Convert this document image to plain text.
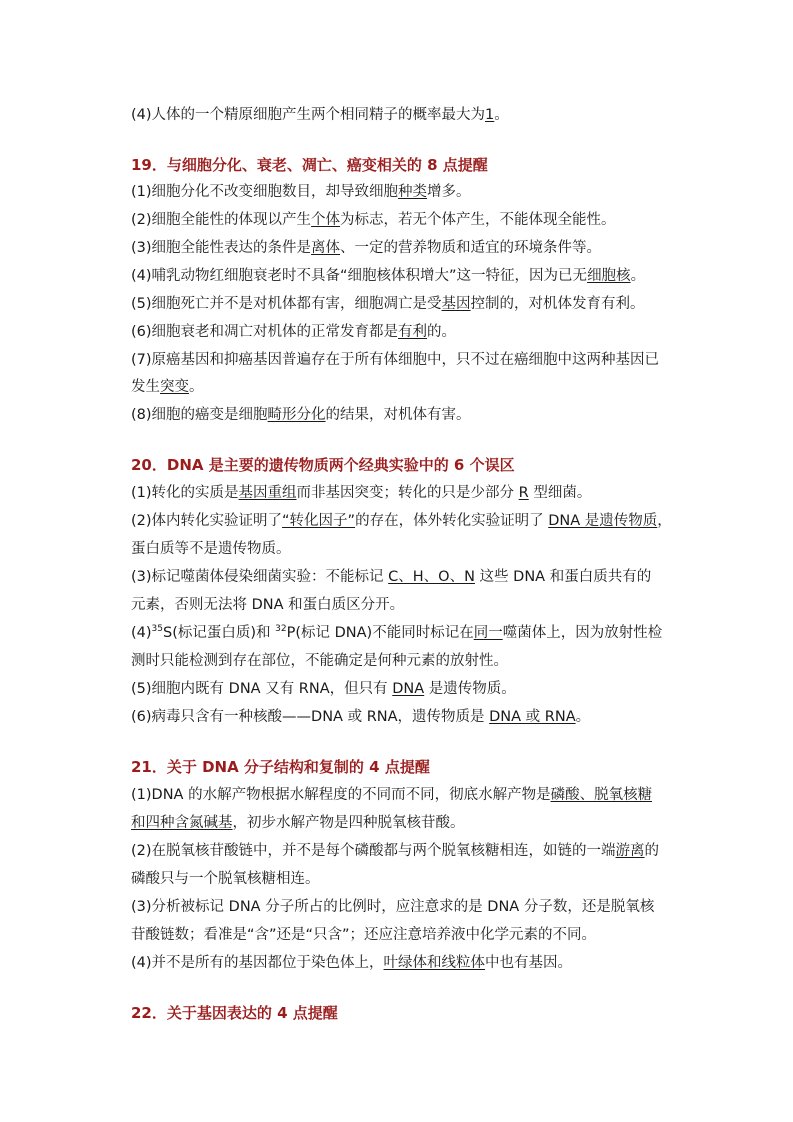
(4)人体的一个精原细胞产生两个相同精子的概率最大为1。
19．与细胞分化、衰老、凋亡、癌变相关的 8 点提醒
(1)细胞分化不改变细胞数目，却导致细胞种类增多。
(2)细胞全能性的体现以产生个体为标志，若无个体产生，不能体现全能性。
(3)细胞全能性表达的条件是离体、一定的营养物质和适宜的环境条件等。
(4)哺乳动物红细胞衰老时不具备“细胞核体积增大”这一特征，因为已无细胞核。
(5)细胞死亡并不是对机体都有害，细胞凋亡是受基因控制的，对机体发育有利。
(6)细胞衰老和凋亡对机体的正常发育都是有利的。
(7)原癌基因和抑癌基因普遍存在于所有体细胞中，只不过在癌细胞中这两种基因已
发生突变。
(8)细胞的癌变是细胞畸形分化的结果，对机体有害。
20．DNA 是主要的遗传物质两个经典实验中的 6 个误区
(1)转化的实质是基因重组而非基因突变；转化的只是少部分 R 型细菌。
(2)体内转化实验证明了“转化因子”的存在，体外转化实验证明了 DNA 是遗传物质，
蛋白质等不是遗传物质。
(3)标记噬菌体侵染细菌实验：不能标记 C、H、O、N 这些 DNA 和蛋白质共有的
元素，否则无法将 DNA 和蛋白质区分开。
$(4)^{35}S$(标记蛋白质)和 $^{32}$P(标记 DNA)不能同时标记在同一噬菌体上，因为放射性检
测时只能检测到存在部位，不能确定是何种元素的放射性。
(5)细胞内既有 DNA 又有 RNA，但只有 DNA 是遗传物质。
(6)病毒只含有一种核酸——DNA 或 RNA，遗传物质是 DNA 或 RNA。
21．关于 DNA 分子结构和复制的 4 点提醒
(1)DNA 的水解产物根据水解程度的不同而不同，彻底水解产物是磷酸、脱氧核糖
和四种含氮碱基，初步水解产物是四种脱氧核苷酸。
(2)在脱氧核苷酸链中，并不是每个磷酸都与两个脱氧核糖相连，如链的一端游离的
磷酸只与一个脱氧核糖相连。
(3)分析被标记 DNA 分子所占的比例时，应注意求的是 DNA 分子数，还是脱氧核
苷酸链数；看准是“含”还是“只含”；还应注意培养液中化学元素的不同。
(4)并不是所有的基因都位于染色体上，叶绿体和线粒体中也有基因。
22．关于基因表达的 4 点提醒
